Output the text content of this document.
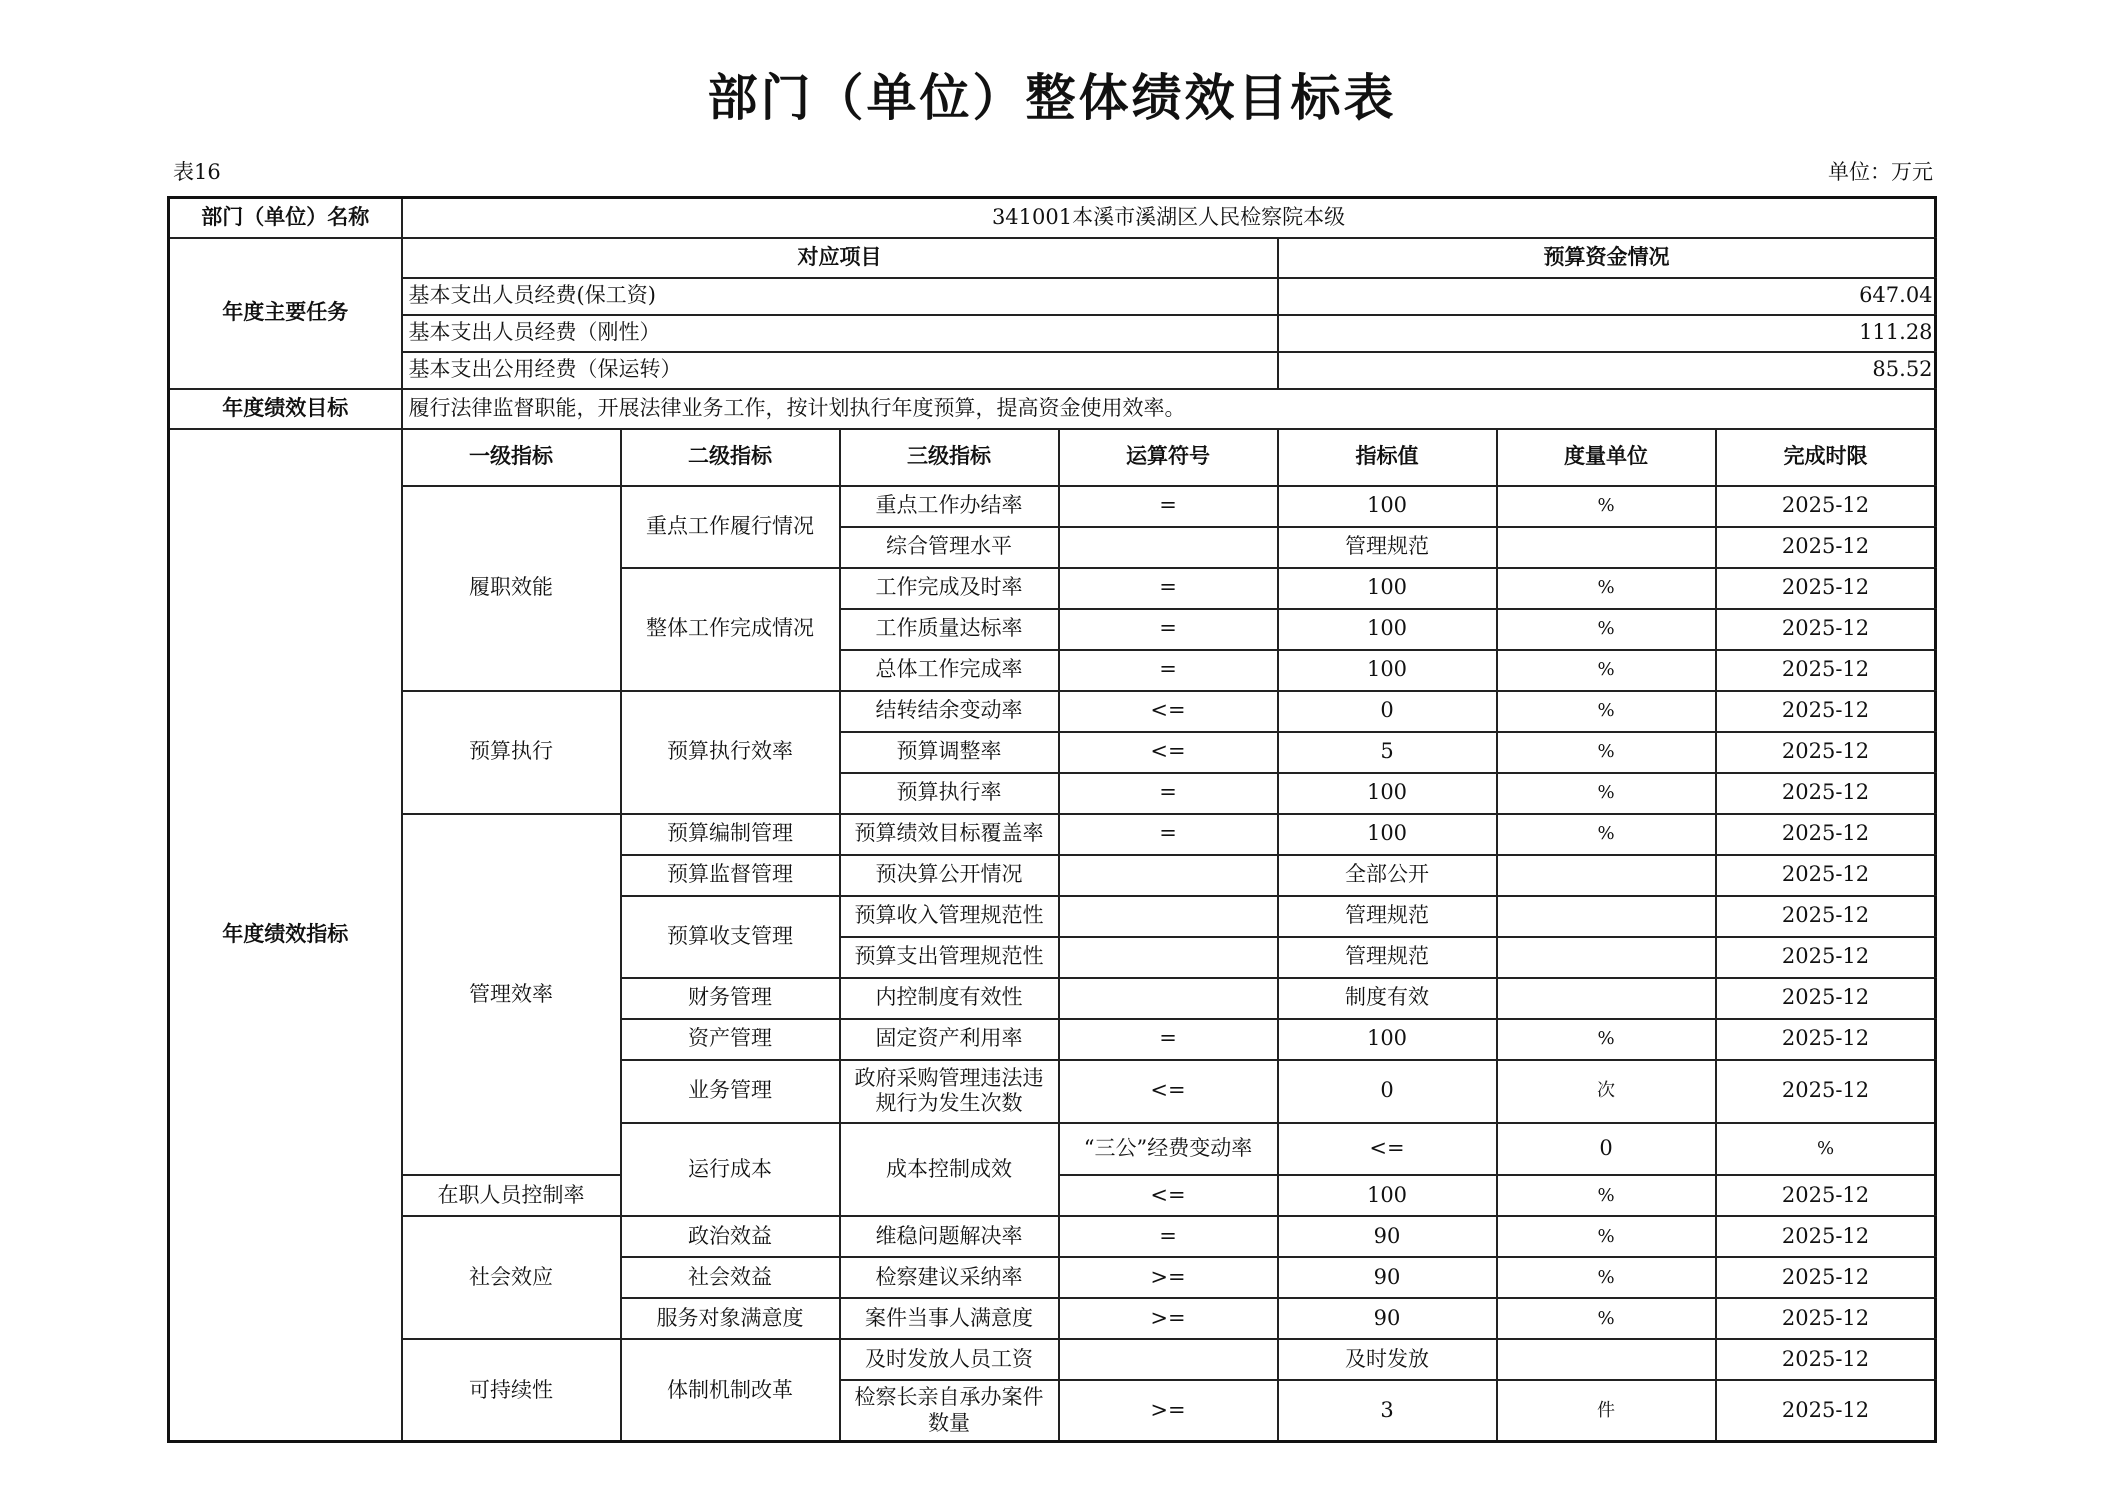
部门（单位）整体绩效目标表
表16	单位：万元
部门（单位）名称	341001本溪市溪湖区人民检察院本级							
年度主要任务	对应项目				预算资金情况			
	基本支出人员经费(保工资)				647.04			
	基本支出人员经费（刚性）				111.28			
	基本支出公用经费（保运转）				85.52			
年度绩效目标	履行法律监督职能，开展法律业务工作，按计划执行年度预算，提高资金使用效率。							
年度绩效指标	一级指标	二级指标	三级指标	运算符号	指标值	度量单位	完成时限	
	履职效能	重点工作履行情况	重点工作办结率	=	100	%	2025-12	
			综合管理水平		管理规范		2025-12	
		整体工作完成情况	工作完成及时率	=	100	%	2025-12	
			工作质量达标率	=	100	%	2025-12	
			总体工作完成率	=	100	%	2025-12	
	预算执行	预算执行效率	结转结余变动率	<=	0	%	2025-12	
			预算调整率	<=	5	%	2025-12	
			预算执行率	=	100	%	2025-12	
	管理效率	预算编制管理	预算绩效目标覆盖率	=	100	%	2025-12	
		预算监督管理	预决算公开情况		全部公开		2025-12	
		预算收支管理	预算收入管理规范性		管理规范		2025-12	
			预算支出管理规范性		管理规范		2025-12	
		财务管理	内控制度有效性		制度有效		2025-12	
		资产管理	固定资产利用率	=	100	%	2025-12	
		业务管理	政府采购管理违法违规行为发生次数	<=	0	次	2025-12	
		运行成本	成本控制成效	“三公”经费变动率	<=	0	%	
	在职人员控制率			<=	100	%	2025-12	
	社会效应	政治效益	维稳问题解决率	=	90	%	2025-12	
		社会效益	检察建议采纳率	>=	90	%	2025-12	
		服务对象满意度	案件当事人满意度	>=	90	%	2025-12	
	可持续性	体制机制改革	及时发放人员工资		及时发放		2025-12	
			检察长亲自承办案件数量	>=	3	件	2025-12	
